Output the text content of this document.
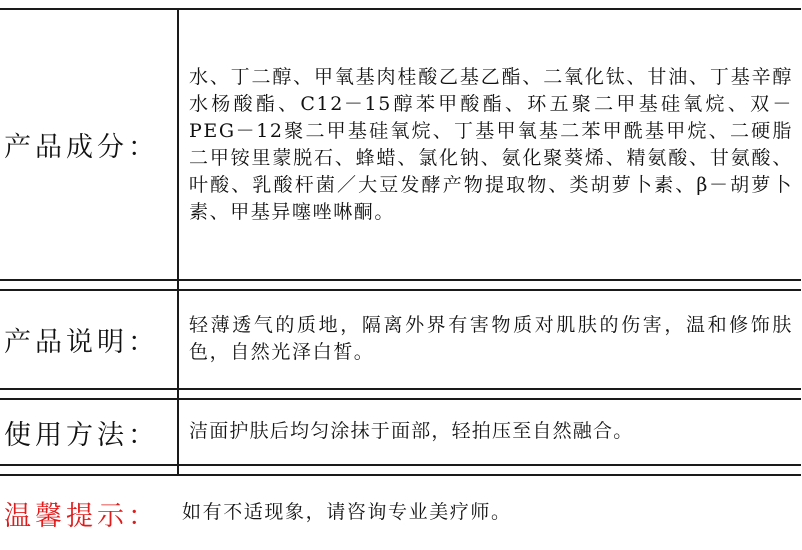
产品成分：	水、丁二醇、甲氧基肉桂酸乙基乙酯、二氧化钛、甘油、丁基辛醇水杨酸酯、C12－15醇苯甲酸酯、环五聚二甲基硅氧烷、双－PEG－12聚二甲基硅氧烷、丁基甲氧基二苯甲酰基甲烷、二硬脂二甲铵里蒙脱石、蜂蜡、氯化钠、氨化聚葵烯、精氨酸、甘氨酸、叶酸、乳酸杆菌／大豆发酵产物提取物、类胡萝卜素、β－胡萝卜素、甲基异噻唑啉酮。

产品说明：	轻薄透气的质地，隔离外界有害物质对肌肤的伤害，温和修饰肤色，自然光泽白皙。

使用方法：	洁面护肤后均匀涂抹于面部，轻拍压至自然融合。

温馨提示：	如有不适现象，请咨询专业美疗师。
